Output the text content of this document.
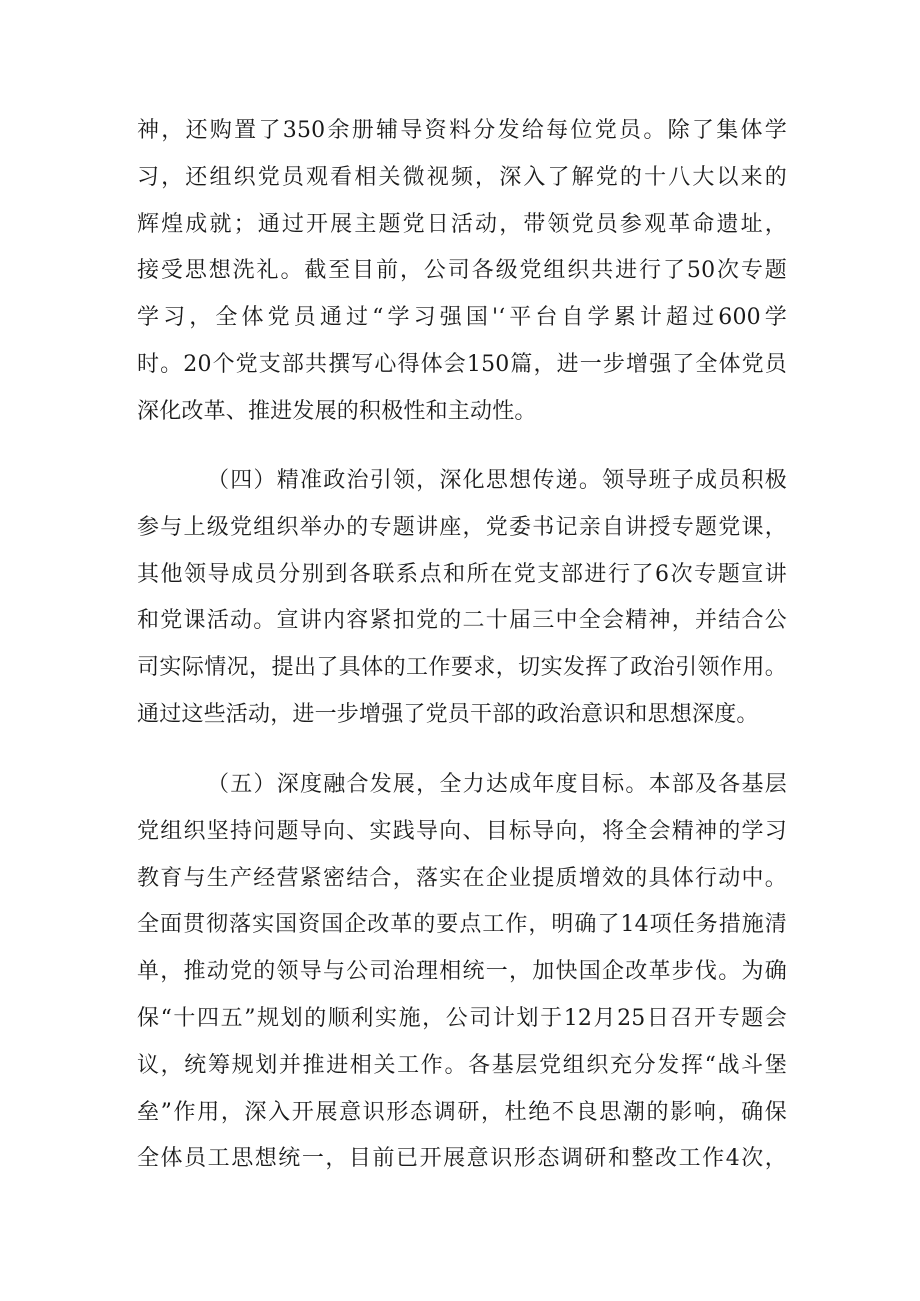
神，还购置了350余册辅导资料分发给每位党员。除了集体学
习，还组织党员观看相关微视频，深入了解党的十八大以来的
辉煌成就；通过开展主题党日活动，带领党员参观革命遗址，
接受思想洗礼。截至目前，公司各级党组织共进行了50次专题
学习，全体党员通过“学习强国'‘平台自学累计超过600学
时。20个党支部共撰写心得体会150篇，进一步增强了全体党员
深化改革、推进发展的积极性和主动性。
（四）精准政治引领，深化思想传递。领导班子成员积极
参与上级党组织举办的专题讲座，党委书记亲自讲授专题党课，
其他领导成员分别到各联系点和所在党支部进行了6次专题宣讲
和党课活动。宣讲内容紧扣党的二十届三中全会精神，并结合公
司实际情况，提出了具体的工作要求，切实发挥了政治引领作用。
通过这些活动，进一步增强了党员干部的政治意识和思想深度。
（五）深度融合发展，全力达成年度目标。本部及各基层
党组织坚持问题导向、实践导向、目标导向，将全会精神的学习
教育与生产经营紧密结合，落实在企业提质增效的具体行动中。
全面贯彻落实国资国企改革的要点工作，明确了14项任务措施清
单，推动党的领导与公司治理相统一，加快国企改革步伐。为确
保“十四五”规划的顺利实施，公司计划于12月25日召开专题会
议，统筹规划并推进相关工作。各基层党组织充分发挥“战斗堡
垒”作用，深入开展意识形态调研，杜绝不良思潮的影响，确保
全体员工思想统一，目前已开展意识形态调研和整改工作4次，
